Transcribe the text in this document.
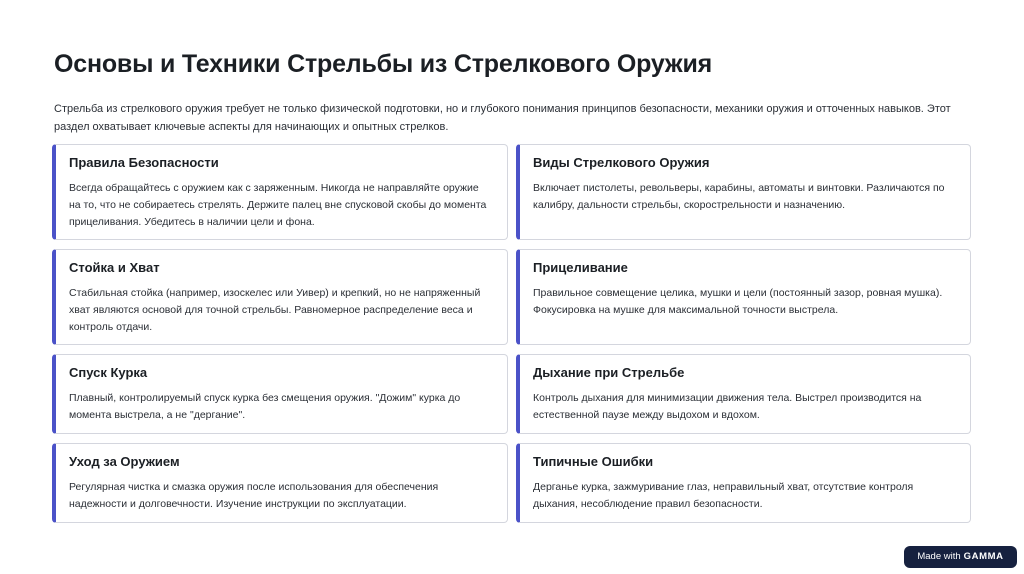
Основы и Техники Стрельбы из Стрелкового Оружия
Стрельба из стрелкового оружия требует не только физической подготовки, но и глубокого понимания принципов безопасности, механики оружия и отточенных навыков. Этот раздел охватывает ключевые аспекты для начинающих и опытных стрелков.
Правила Безопасности
Всегда обращайтесь с оружием как с заряженным. Никогда не направляйте оружие на то, что не собираетесь стрелять. Держите палец вне спусковой скобы до момента прицеливания. Убедитесь в наличии цели и фона.
Виды Стрелкового Оружия
Включает пистолеты, револьверы, карабины, автоматы и винтовки. Различаются по калибру, дальности стрельбы, скорострельности и назначению.
Стойка и Хват
Стабильная стойка (например, изоскелес или Уивер) и крепкий, но не напряженный хват являются основой для точной стрельбы. Равномерное распределение веса и контроль отдачи.
Прицеливание
Правильное совмещение целика, мушки и цели (постоянный зазор, ровная мушка). Фокусировка на мушке для максимальной точности выстрела.
Спуск Курка
Плавный, контролируемый спуск курка без смещения оружия. "Дожим" курка до момента выстрела, а не "дергание".
Дыхание при Стрельбе
Контроль дыхания для минимизации движения тела. Выстрел производится на естественной паузе между выдохом и вдохом.
Уход за Оружием
Регулярная чистка и смазка оружия после использования для обеспечения надежности и долговечности. Изучение инструкции по эксплуатации.
Типичные Ошибки
Дерганье курка, зажмуривание глаз, неправильный хват, отсутствие контроля дыхания, несоблюдение правил безопасности.
Made with GAMMA
